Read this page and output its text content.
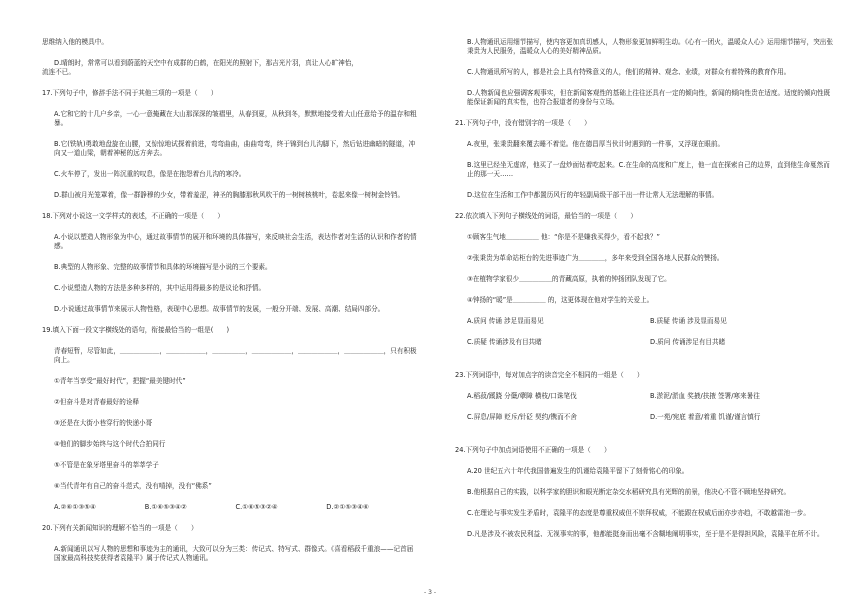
思维纳入他的模具中。

D.晴朗时，常常可以看到蔚蓝的天空中有成群的白鹤，在阳光的照射下，那吉光片羽，真让人心旷神怡，

流连不已。

17.下列句子中，修辞手法不同于其他三项的一项是（　　）

A.它和它的十几户乡亲，一心一意掩藏在大山那深深的皱褶里，从春到夏，从秋到冬，默默地接受着大山任意给予的温存和粗暴。

B.它(铁轨)勇敢地盘旋在山腰，又惊惊地试探着前进，弯弯曲曲，曲曲弯弯，终于锦到台儿沟脚下，然后钻进幽暗的隧道，冲向又一道山梁，朝着神秘的远方奔去。

C.火车停了，发出一阵沉重的叹息，像是在抱怨着台儿沟的寒冷。

D.群山被月光笼罩着，像一群静穆的少女，带着羞涩，神圣的胸膝那秋风吹干的一树树核桃叶，卷起来像一树树金铃铛。

18.下列对小说这一文学样式的表述，不正确的一项是（　　）

A.小说以塑造人物形象为中心，通过故事情节的展开和环境的具体描写，来反映社会生活，表达作者对生活的认识和作者的情感。

B.典型的人物形象、完整的故事情节和具体的环境描写是小说的三个要素。

C.小说塑造人物的方法是多种多样的，其中运用得最多的是议论和抒情。

D.小说通过故事情节来展示人物性格，表现中心思想。故事情节的发展，一般分开端、发展、高潮、结局四部分。

19.填入下面一段文字横线处的语句，衔接最恰当的一组是(　　)

青春短暂，尽管如此，＿＿＿＿＿＿，＿＿＿＿＿＿，＿＿＿＿＿，＿＿＿＿＿＿，＿＿＿＿＿＿，＿＿＿＿＿＿，只有积极向上。

①青年当享受“最好时代”，把握“最美键时代”

②但奋斗是对青春最好的诠释

③还是在大街小巷穿行的快递小哥

④他们的脚步始终与这个时代合拍同行

⑤不管是在象牙塔里奋斗的莘莘学子

⑥当代青年有自己的奋斗范式，没有啃掉，没有“佛系”

A.②⑥①③⑤④	B.①⑥⑤③④②	C.①⑥⑤③②④	D.②①⑤③④⑥

20.下列有关新闻知识的理解不恰当的一项是（　　）

A.新闻通讯以写人物的思想和事迹为主的通讯，大致可以分为三类：传记式、特写式、群像式。《喜看稻菽千重浪——记首届国家最高科技奖获得者袁隆平》属于传记式人物通讯。

B.人物通讯运用细节描写，使内容更加真切感人，人物形象更加鲜明生动。《心有一团火，温暖众人心》运用细节描写，突出张秉贵为人民服务，温暖众人心的美好精神品质。

C.人物通讯所写的人，都是社会上具有特殊意义的人，他们的精神、观念、业绩，对群众有着特殊的教育作用。

D.人物新闻也应强调客观事实，但在新闻客观性的基础上往往还具有一定的倾向性，新闻的倾向性贵在适度。适度的倾向性既能保证新闻的真实性，也符合报道者的身份与立场。

21.下列句子中，没有错别字的一项是（　　）

A.夜里，张秉贵翻来覆去睡不着觉。他在德昌厚当伙计时遇到的一件事，又浮现在眼前。

B.这里已经坐无虚席，他买了一盘炒面钻着吃起来。C.在生命的高度和广度上，他一直在探索自己的边界，直到他生命戛然而止的那一天……

D.这位在生活和工作中都置历风行的年轻副局级干部干出一件让常人无法理解的事情。

22.依次填入下列句子横线处的词语，最恰当的一项是（　　）

①顾客生气地＿＿＿＿＿ 他：“你是不是嫌我买得少，看不起我？”

②张秉贵为革命站柜台的先进事迹广为＿＿＿＿，多年来受到全国各地人民群众的赞扬。

③在植物学家很少＿＿＿＿＿的青藏高原，执着的钟扬团队发现了它。

④钟扬的“暖”是＿＿＿＿＿ 的，这更体现在他对学生的关爱上。

A.质问 传诵 涉足显而易见	B.质疑 传诵 涉及显而易见
C.质疑 传诵涉及有目共睹	D.质问 传诵涉足有目共睹

23.下列词语中，每对加点字的读音完全不相同的一组是（　　）

A.稻菽/蹊跷 分蘖/孽障 横枝/口诛笔伐	B.淤泥/淤血 奖掖/扶掖 签署/寒来暑往
C.屏息/屏障 贬斥/针砭 契约/镌而不舍	D.一苑/宛底 着意/着重 饥谨/谨言慎行

24.下列句子中加点词语使用不正确的一项是（　　）

A.20 世纪五六十年代我国普遍发生的饥谨给袁隆平留下了刻骨铭心的印象。

B.他根据自己的实践，以科学家的胆识和眼光断定杂交水稻研究具有光辉的前景，他决心不管不顾地坚持研究。

C.在理论与事实发生矛盾时，袁隆平的态度是尊重权威但不崇拜权威，不能跟在权威后面亦步亦趋，不敢越雷池一步。

D.凡是涉及不被农民利益、无视事实的事，他都能挺身而出毫不含糊地阐明事实，至于是不是得担风险，袁隆平在所不计。

- 3 -
